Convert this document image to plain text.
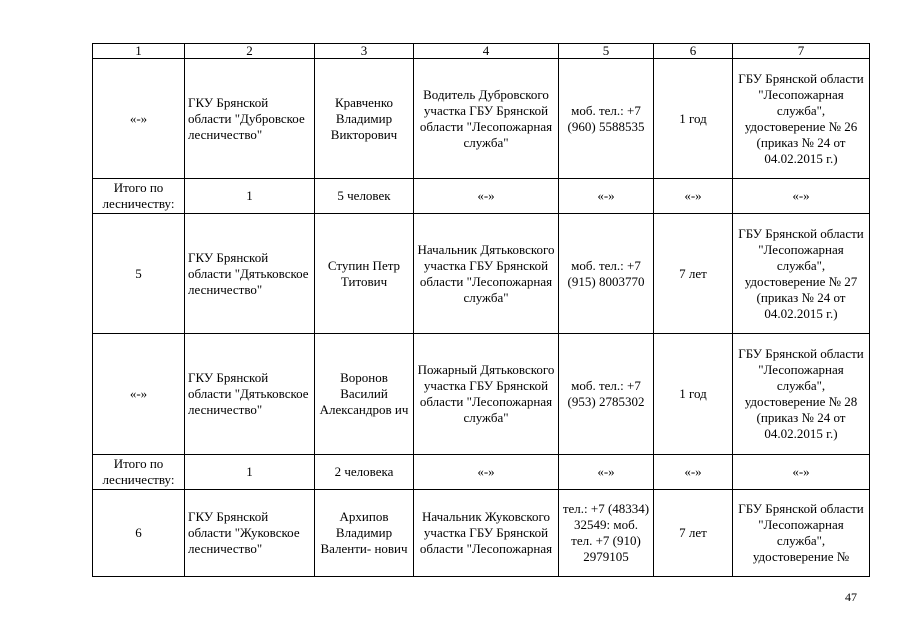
1	2	3	4	5	6	7
«-»	ГКУ Брянской области "Дубровское лесничество"	Кравченко Владимир Викторович	Водитель Дубровского участка ГБУ Брянской области "Лесопожарная служба"	моб. тел.: +7 (960) 5588535	1 год	ГБУ Брянской области "Лесопожарная служба", удостоверение № 26 (приказ № 24 от 04.02.2015 г.)
Итого по лесничеству:	1	5 человек	«-»	«-»	«-»	«-»
5	ГКУ Брянской области "Дятьковское лесничество"	Ступин Петр Титович	Начальник Дятьковского участка ГБУ Брянской области "Лесопожарная служба"	моб. тел.: +7 (915) 8003770	7 лет	ГБУ Брянской области "Лесопожарная служба", удостоверение № 27 (приказ № 24 от 04.02.2015 г.)
«-»	ГКУ Брянской области "Дятьковское лесничество"	Воронов Василий Александров ич	Пожарный Дятьковского участка ГБУ Брянской области "Лесопожарная служба"	моб. тел.: +7 (953) 2785302	1 год	ГБУ Брянской области "Лесопожарная служба", удостоверение № 28 (приказ № 24 от 04.02.2015 г.)
Итого по лесничеству:	1	2 человека	«-»	«-»	«-»	«-»
6	ГКУ Брянской области "Жуковское лесничество"	Архипов Владимир Валенти- нович	Начальник Жуковского участка ГБУ Брянской области "Лесопожарная	тел.: +7 (48334) 32549: моб. тел. +7 (910) 2979105	7 лет	ГБУ Брянской области "Лесопожарная служба", удостоверение №
47
